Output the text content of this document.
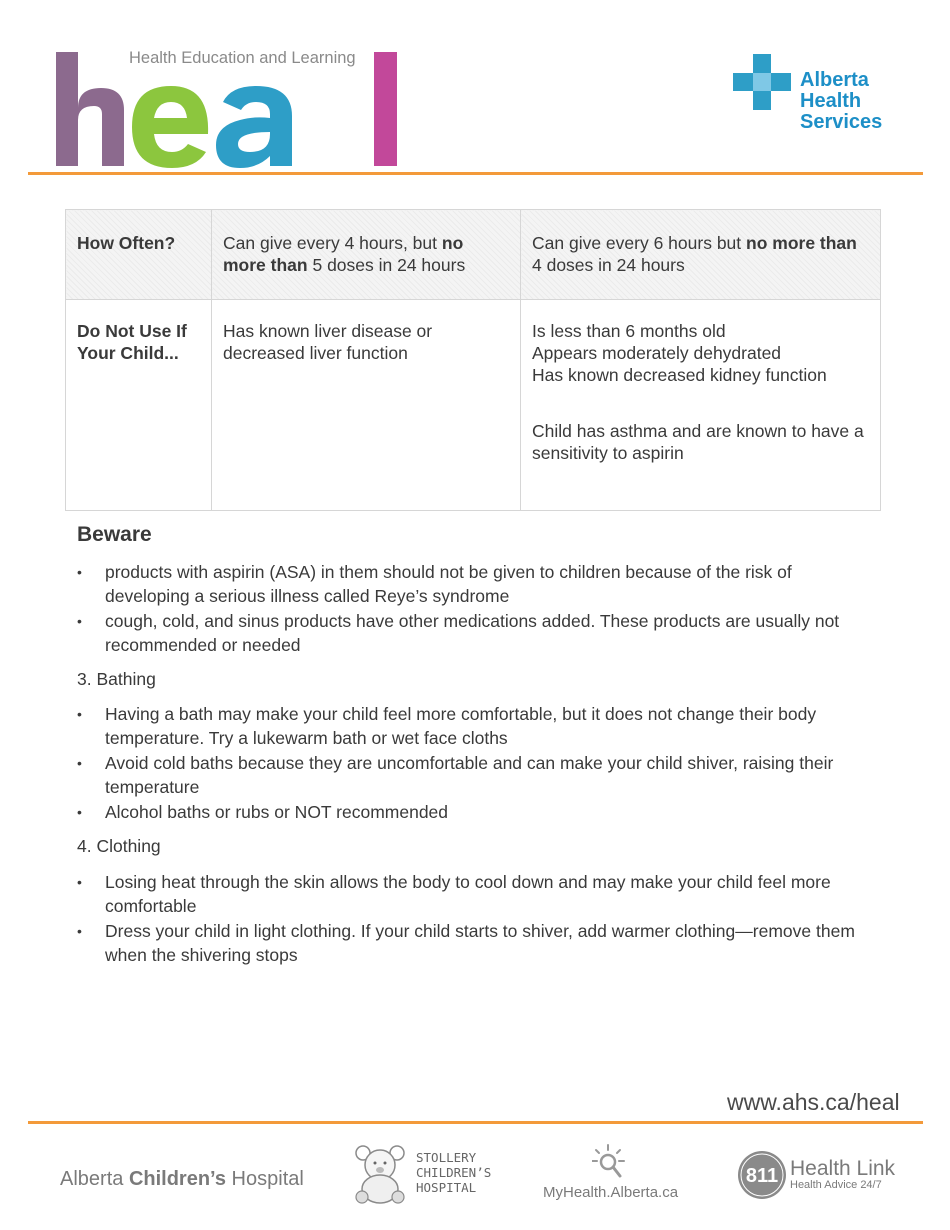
Health Education and Learning
Alberta Health Services
How Often?	Can give every 4 hours, but no more than 5 doses in 24 hours	Can give every 6 hours but no more than 4 doses in 24 hours
Do Not Use If Your Child...	Has known liver disease or decreased liver function	Is less than 6 months old
Appears moderately dehydrated
Has known decreased kidney function
Child has asthma and are known to have a sensitivity to aspirin
Beware
• products with aspirin (ASA) in them should not be given to children because of the risk of developing a serious illness called Reye’s syndrome
• cough, cold, and sinus products have other medications added. These products are usually not recommended or needed
3. Bathing
• Having a bath may make your child feel more comfortable, but it does not change their body temperature. Try a lukewarm bath or wet face cloths
• Avoid cold baths because they are uncomfortable and can make your child shiver, raising their temperature
• Alcohol baths or rubs or NOT recommended
4. Clothing
• Losing heat through the skin allows the body to cool down and may make your child feel more comfortable
• Dress your child in light clothing. If your child starts to shiver, add warmer clothing—remove them when the shivering stops
www.ahs.ca/heal
Alberta Children’s Hospital
STOLLERY
CHILDREN’S
HOSPITAL	MyHealth.Alberta.ca
811 Health Link
Health Advice 24/7
